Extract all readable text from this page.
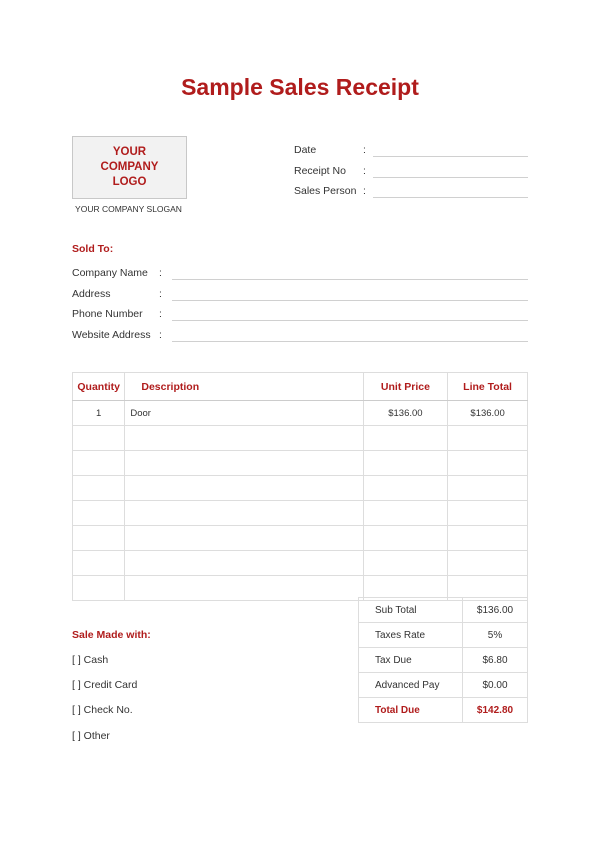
Sample Sales Receipt
YOUR COMPANY LOGO
YOUR COMPANY SLOGAN
Date	:
Receipt No :
Sales Person :
Sold To:
Company Name :
Address	:
Phone Number :
Website Address :
Quantity	Description	Unit Price	Line Total
1	Door	$136.00	$136.00

Sub Total	$136.00
Taxes Rate	5%
Tax Due	$6.80
Advanced Pay	$0.00
Total Due	$142.80
Sale Made with:
[ ] Cash
[ ] Credit Card
[ ] Check No.
[ ] Other
